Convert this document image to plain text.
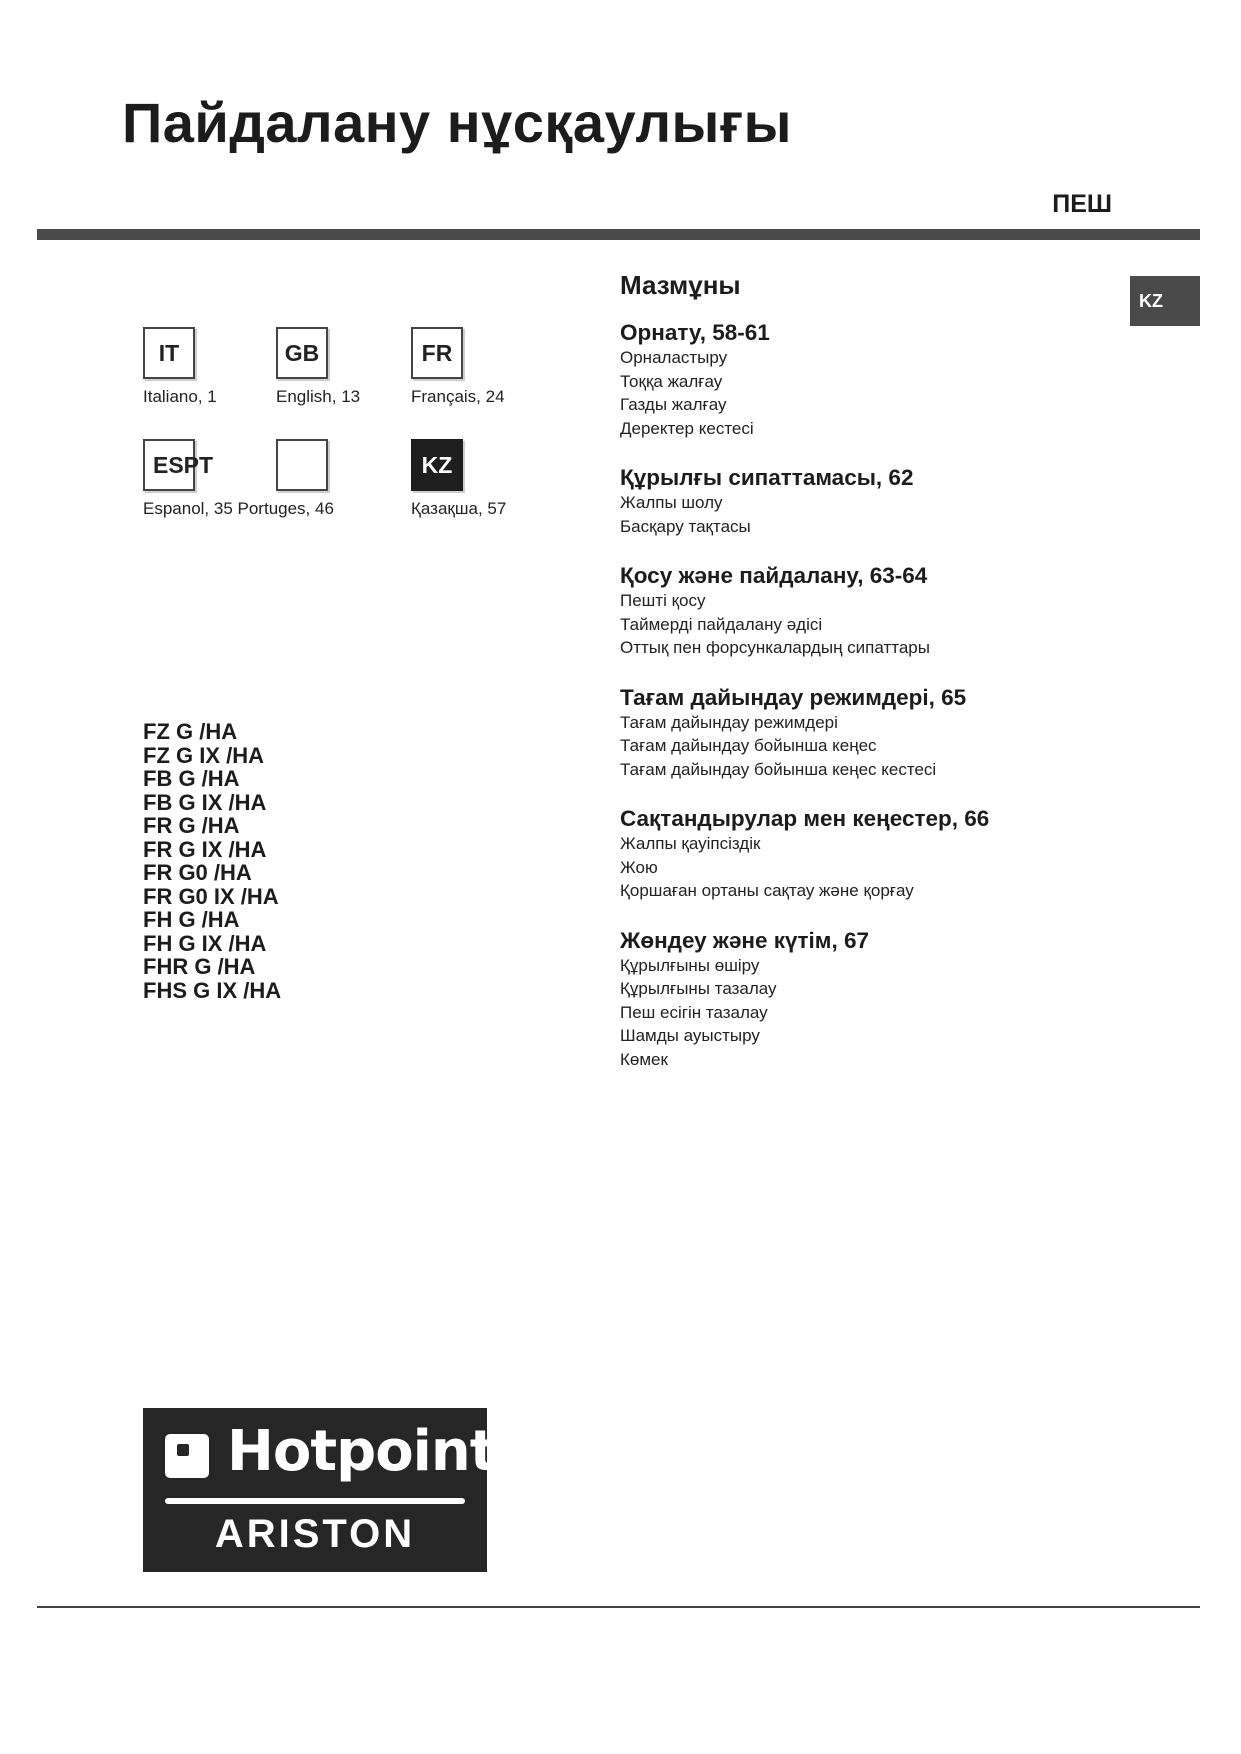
Пайдалану нұсқаулығы
ПЕШ
KZ
IT
Italiano, 1
GB
English, 13
FR
Français, 24
ESPT
Espanol, 35 Portuges, 46
KZ
Қазақша, 57
FZ G /HA
FZ G IX /HA
FB G /HA
FB G IX /HA
FR G /HA
FR G IX /HA
FR G0 /HA
FR G0 IX /HA
FH G /HA
FH G IX /HA
FHR G /HA
FHS G IX /HA
Мазмұны
Орнату, 58-61
Орналастыру
Тоққа жалғау
Газды жалғау
Деректер кестесі
Құрылғы сипаттамасы, 62
Жалпы шолу
Басқару тақтасы
Қосу және пайдалану, 63-64
Пешті қосу
Таймерді пайдалану әдісі
Оттық пен форсункалардың сипаттары
Тағам дайындау режимдері, 65
Тағам дайындау режимдері
Тағам дайындау бойынша кеңес
Тағам дайындау бойынша кеңес кестесі
Сақтандырулар мен кеңестер, 66
Жалпы қауіпсіздік
Жою
Қоршаған ортаны сақтау және қорғау
Жөндеу және күтім, 67
Құрылғыны өшіру
Құрылғыны тазалау
Пеш есігін тазалау
Шамды ауыстыру
Көмек
Hotpoint
ARISTON
